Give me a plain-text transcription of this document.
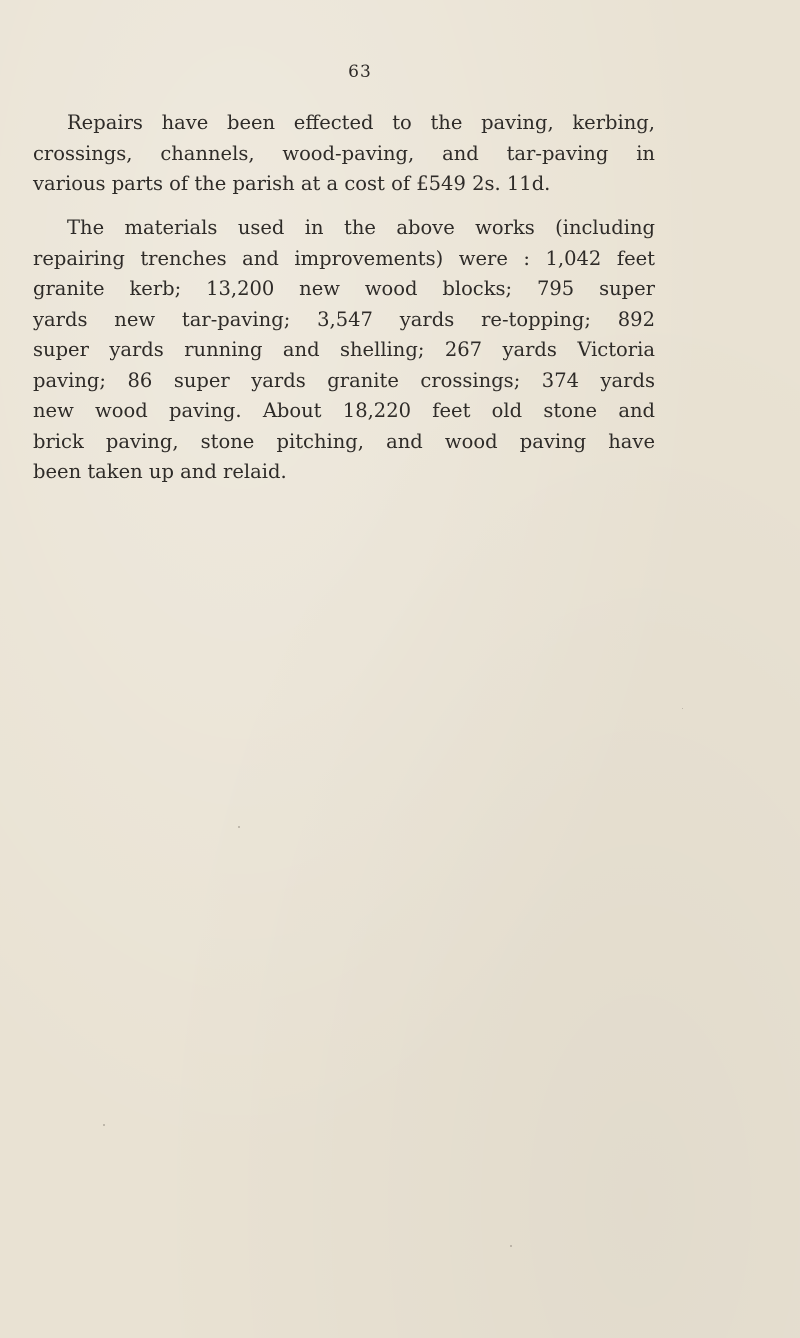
63

Repairs have been effected to the paving, kerbing,
crossings, channels, wood-paving, and tar-paving in
various parts of the parish at a cost of £549 2s. 11d.

The materials used in the above works (including
repairing trenches and improvements) were : 1,042 feet
granite kerb; 13,200 new wood blocks; 795 super
yards new tar-paving; 3,547 yards re-topping; 892
super yards running and shelling; 267 yards Victoria
paving; 86 super yards granite crossings; 374 yards
new wood paving. About 18,220 feet old stone and
brick paving, stone pitching, and wood paving have
been taken up and relaid.
